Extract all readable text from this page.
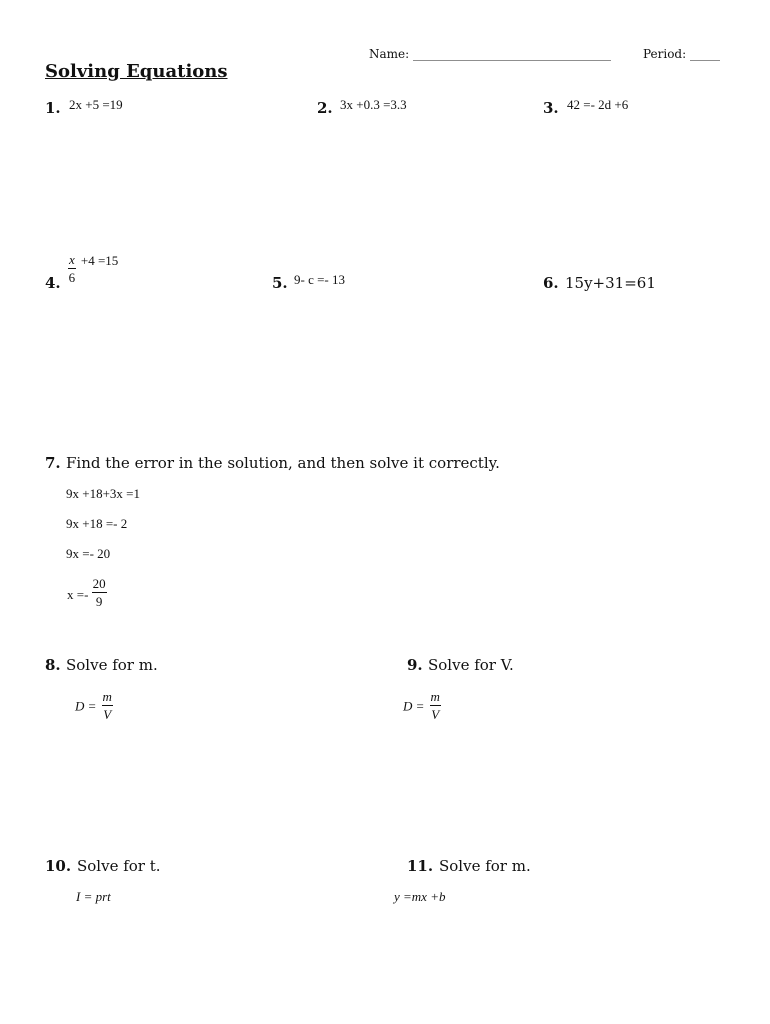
Name: _________________________________	Period: _____
Solving Equations
1. 2x +5 =19	2. 3x +0.3 =3.3	3. 42 =- 2d +6
4. $\frac{x}{6} ^{+4 =15}$
5. 9- c =- 13	6. 15y+31=61
7. Find the error in the solution, and then solve it correctly.
9x +18+3x =1
9x +18 =- 2
9x =- 20
$x =- \frac{20}{9}$
8. Solve for m.
$D = \frac{m}{V}$
9. Solve for V.
$D = \frac{m}{V}$
10. Solve for t.
I = prt
11. Solve for m.
y =mx +b
